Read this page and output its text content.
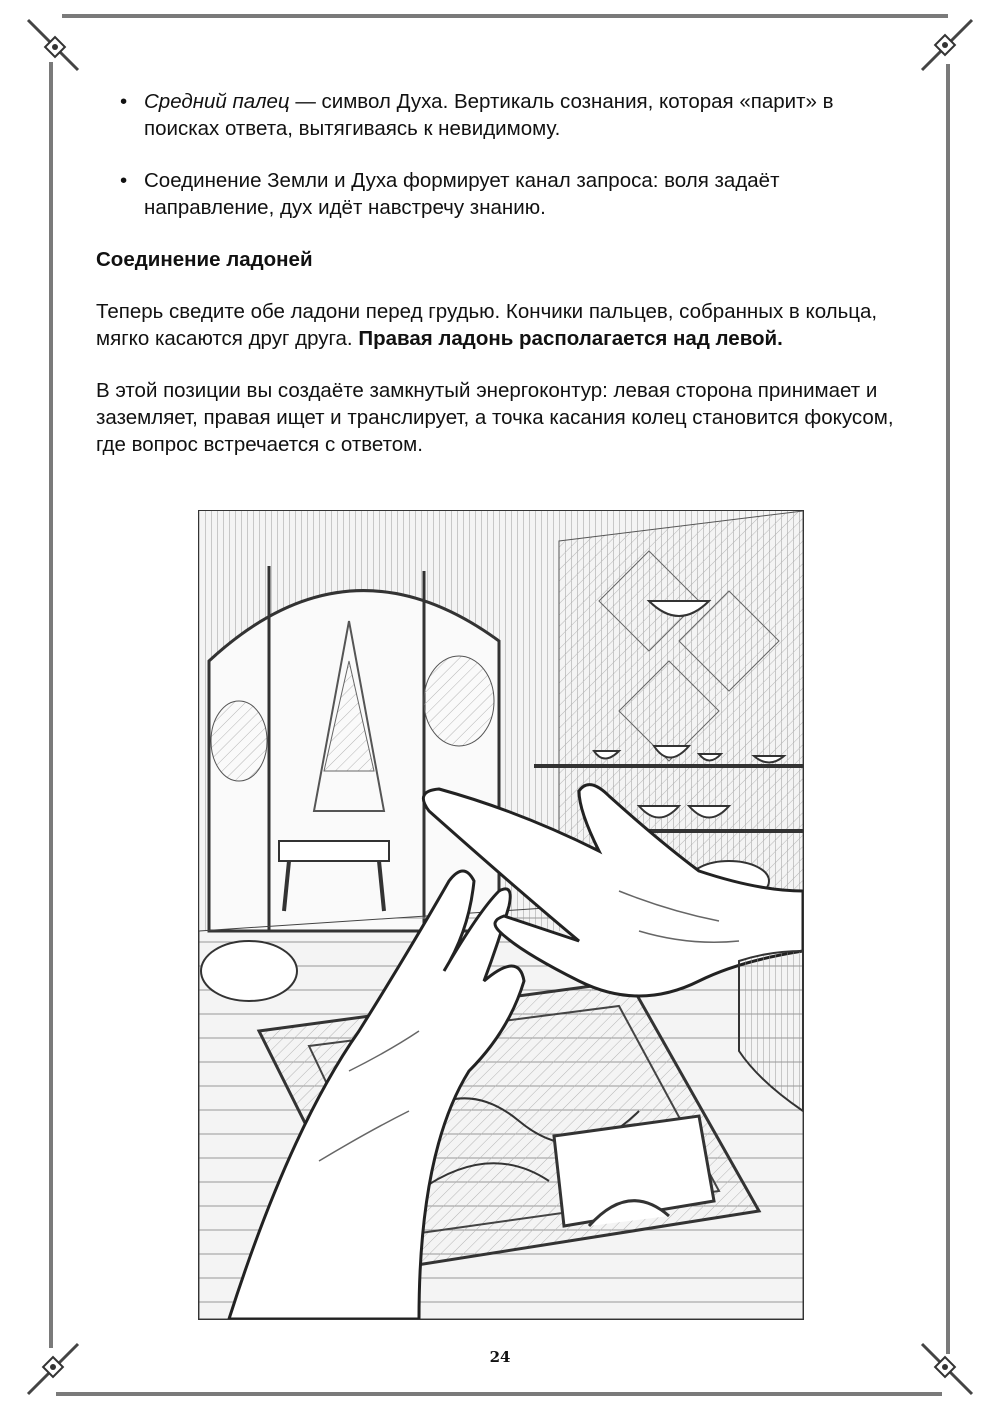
• Средний палец — символ Духа. Вертикаль сознания, которая «парит» в поисках ответа, вытягиваясь к невидимому.
• Соединение Земли и Духа формирует канал запроса: воля задаёт направление, дух идёт навстречу знанию.

Соединение ладоней

Теперь сведите обе ладони перед грудью. Кончики пальцев, собранных в кольца, мягко касаются друг друга. Правая ладонь располагается над левой.

В этой позиции вы создаёте замкнутый энергоконтур: левая сторона принимает и заземляет, правая ищет и транслирует, а точка касания колец становится фокусом, где вопрос встречается с ответом.

24
